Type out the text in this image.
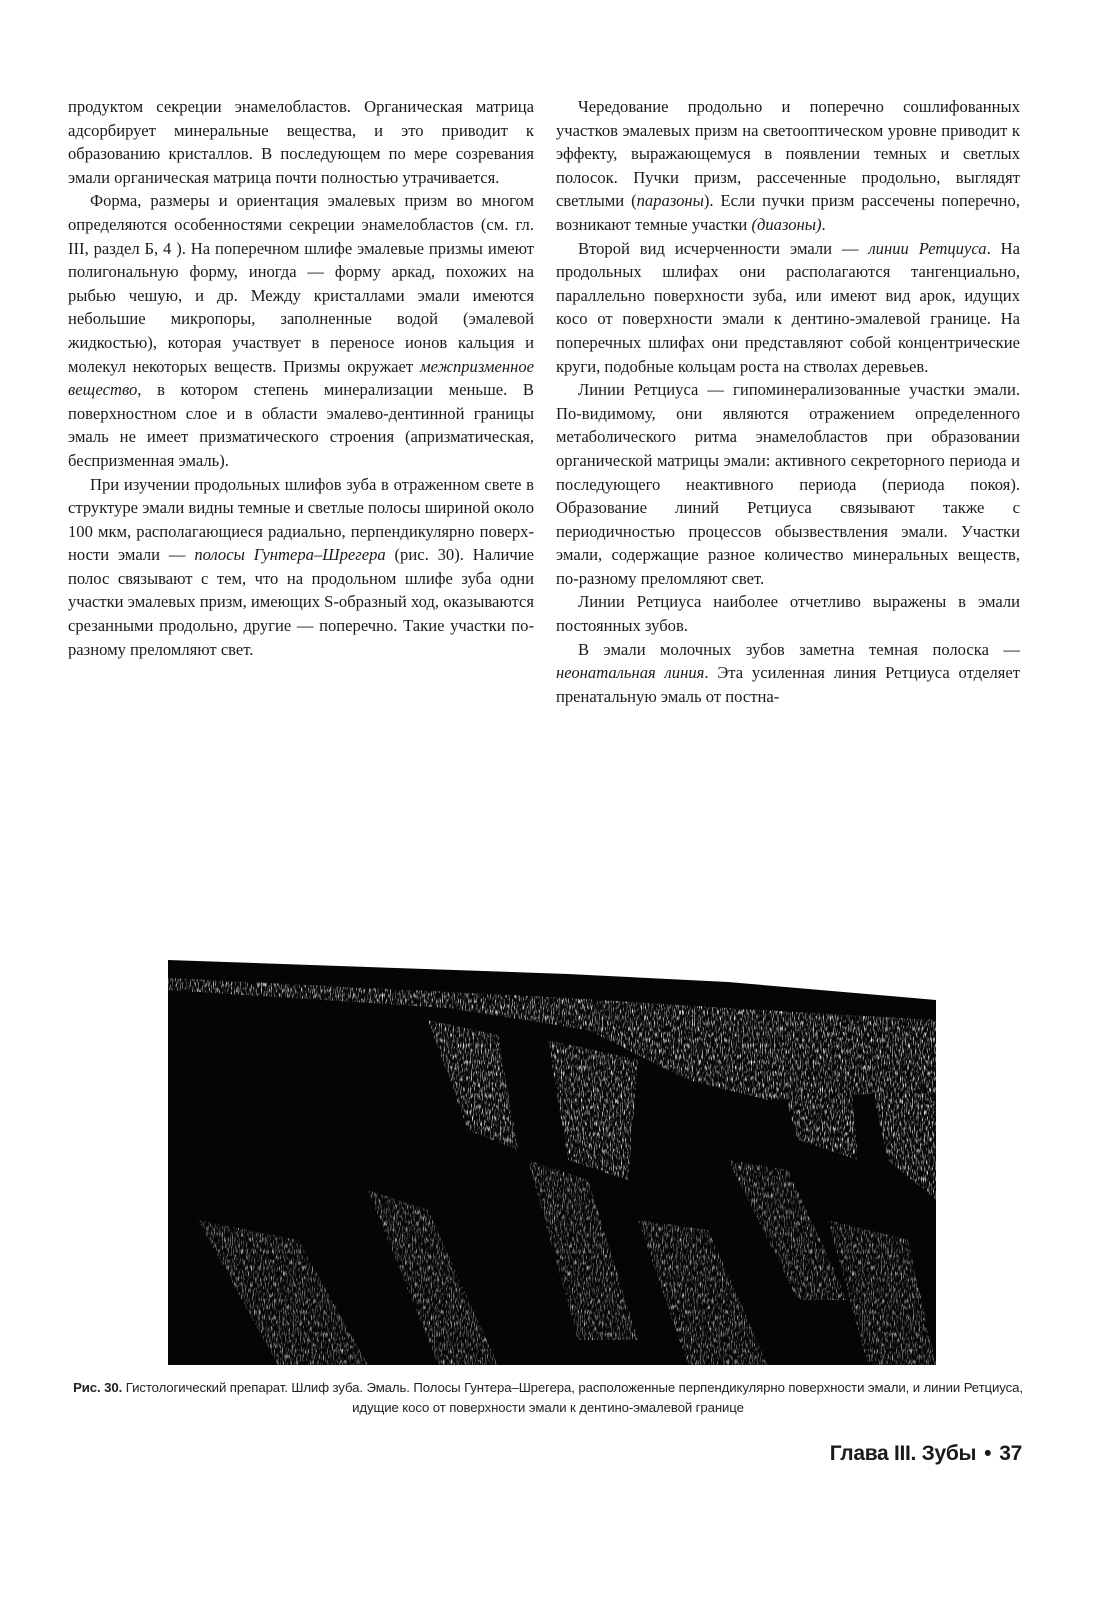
продуктом секреции энамелобластов. Органическая матрица адсорбирует минеральные вещества, и это приводит к образованию кристаллов. В последующем по мере созревания эмали органическая матрица почти полностью утрачивается.

Форма, размеры и ориентация эмалевых призм во многом определяются особенностями секреции энамелобластов (см. гл. III, раздел Б, 4 ). На поперечном шлифе эмалевые призмы имеют полигональную форму, иногда — форму аркад, похожих на рыбью чешую, и др. Между кристаллами эмали имеются небольшие микропоры, заполненные водой (эмалевой жидкостью), которая участвует в переносе ионов кальция и молекул некоторых веществ. Призмы окружает межпризменное вещество, в котором степень минерализации меньше. В поверхностном слое и в области эмалево-дентинной границы эмаль не имеет призматического строения (апризматическая, беспризменная эмаль).

При изучении продольных шлифов зуба в отраженном свете в структуре эмали видны темные и светлые полосы шириной около 100 мкм, располагающиеся радиально, перпендикулярно поверхности эмали — полосы Гунтера–Шрегера (рис. 30). Наличие полос связывают с тем, что на продольном шлифе зуба одни участки эмалевых призм, имеющих S-образный ход, оказываются срезанными продольно, другие — поперечно. Такие участки по-разному преломляют свет.

Чередование продольно и поперечно сошлифованных участков эмалевых призм на светооптическом уровне приводит к эффекту, выражающемуся в появлении темных и светлых полосок. Пучки призм, рассеченные продольно, выглядят светлыми (паразоны). Если пучки призм рассечены поперечно, возникают темные участки (диазоны).

Второй вид исчерченности эмали — линии Ретциуса. На продольных шлифах они располагаются тангенциально, параллельно поверхности зуба, или имеют вид арок, идущих косо от поверхности эмали к дентино-эмалевой границе. На поперечных шлифах они представляют собой концентрические круги, подобные кольцам роста на стволах деревьев.

Линии Ретциуса — гипоминерализованные участки эмали. По-видимому, они являются отражением определенного метаболического ритма энамелобластов при образовании органической матрицы эмали: активного секреторного периода и последующего неактивного периода (периода покоя). Образование линий Ретциуса связывают также с периодичностью процессов обызвествления эмали. Участки эмали, содержащие разное количество минеральных веществ, по-разному преломляют свет.

Линии Ретциуса наиболее отчетливо выражены в эмали постоянных зубов.

В эмали молочных зубов заметна темная полоска — неонатальная линия. Эта усиленная линия Ретциуса отделяет пренатальную эмаль от постна-

Рис. 30. Гистологический препарат. Шлиф зуба. Эмаль. Полосы Гунтера–Шрегера, расположенные перпендикулярно поверхности эмали, и линии Ретциуса, идущие косо от поверхности эмали к дентино-эмалевой границе
Глава III. Зубы • 37
